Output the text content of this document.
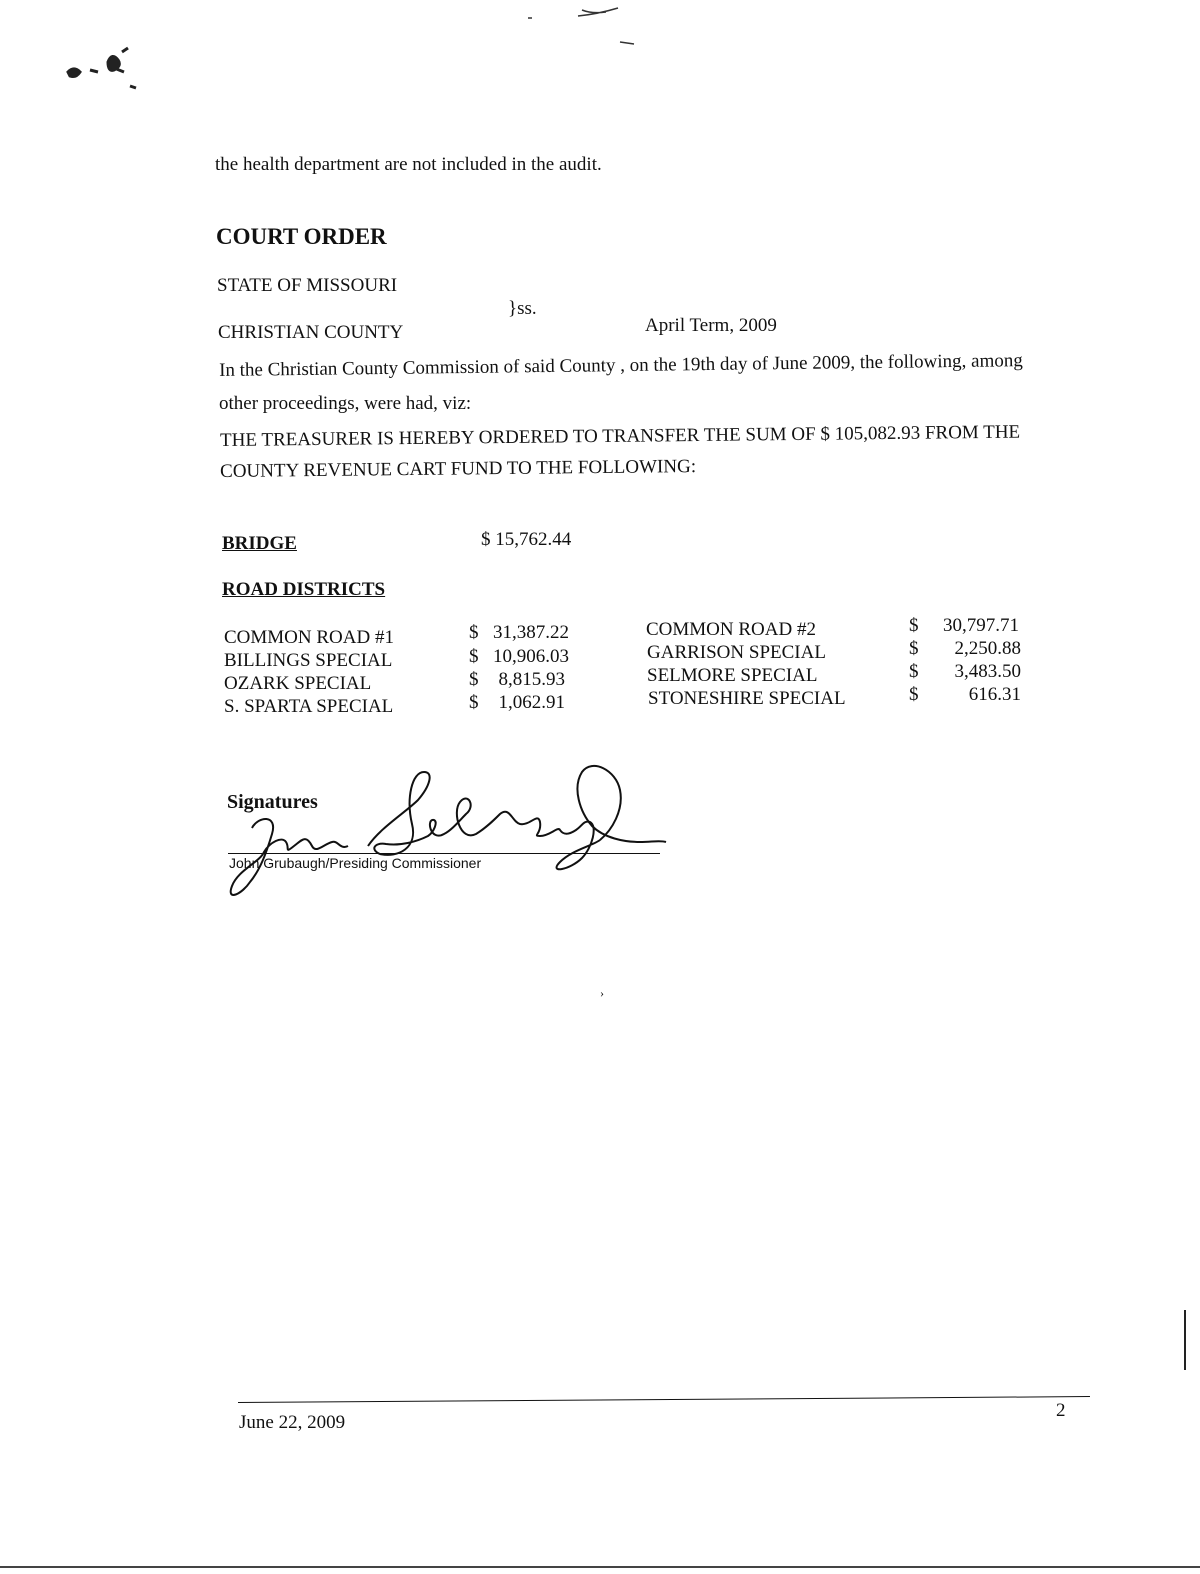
the health department are not included in the audit.
COURT ORDER
STATE OF MISSOURI
}ss.
CHRISTIAN COUNTY	April Term, 2009
In the Christian County Commission of said County , on the 19th day of June 2009, the following, among
other proceedings, were had, viz:
THE TREASURER IS HEREBY ORDERED TO TRANSFER THE SUM OF $ 105,082.93 FROM THE
COUNTY REVENUE CART FUND TO THE FOLLOWING:
BRIDGE	$ 15,762.44
ROAD DISTRICTS
COMMON ROAD #1	$ 31,387.22
BILLINGS SPECIAL	$ 10,906.03
OZARK SPECIAL	$ 8,815.93
S. SPARTA SPECIAL	$ 1,062.91
COMMON ROAD #2	$ 30,797.71
GARRISON SPECIAL	$ 2,250.88
SELMORE SPECIAL	$ 3,483.50
STONESHIRE SPECIAL	$	616.31
Signatures
John Grubaugh/Presiding Commissioner
›
June 22, 2009
2
